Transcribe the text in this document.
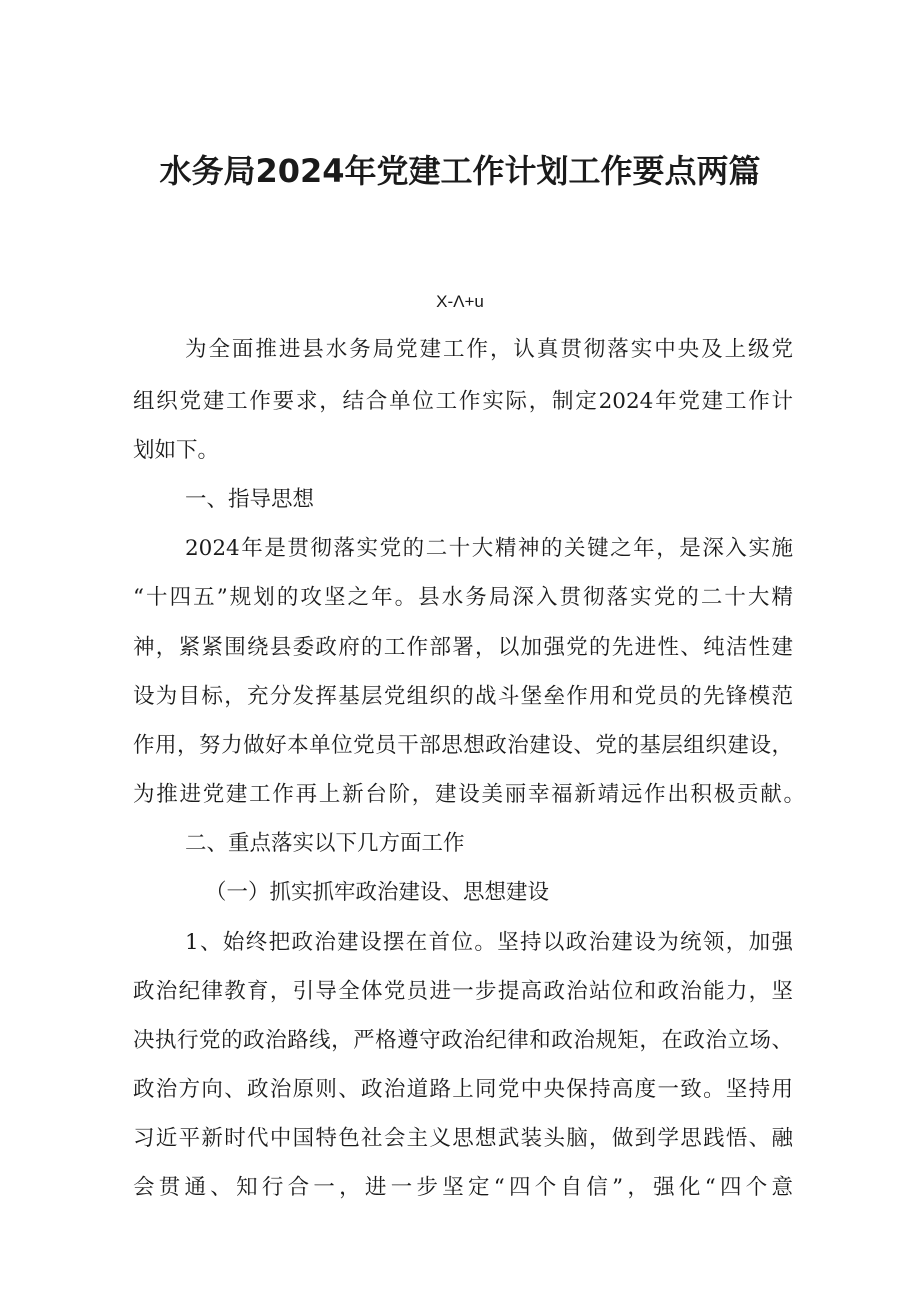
水务局2024年党建工作计划工作要点两篇
X-Λ+u
为全面推进县水务局党建工作，认真贯彻落实中央及上级党
组织党建工作要求，结合单位工作实际，制定2024年党建工作计
划如下。
一、指导思想
2024年是贯彻落实党的二十大精神的关键之年，是深入实施
“十四五”规划的攻坚之年。县水务局深入贯彻落实党的二十大精
神，紧紧围绕县委政府的工作部署，以加强党的先进性、纯洁性建
设为目标，充分发挥基层党组织的战斗堡垒作用和党员的先锋模范
作用，努力做好本单位党员干部思想政治建设、党的基层组织建设，
为推进党建工作再上新台阶，建设美丽幸福新靖远作出积极贡献。
二、重点落实以下几方面工作
（一）抓实抓牢政治建设、思想建设
1、始终把政治建设摆在首位。坚持以政治建设为统领，加强
政治纪律教育，引导全体党员进一步提高政治站位和政治能力，坚
决执行党的政治路线，严格遵守政治纪律和政治规矩，在政治立场、
政治方向、政治原则、政治道路上同党中央保持高度一致。坚持用
习近平新时代中国特色社会主义思想武装头脑，做到学思践悟、融
会贯通、知行合一，进一步坚定“四个自信”，强化“四个意
